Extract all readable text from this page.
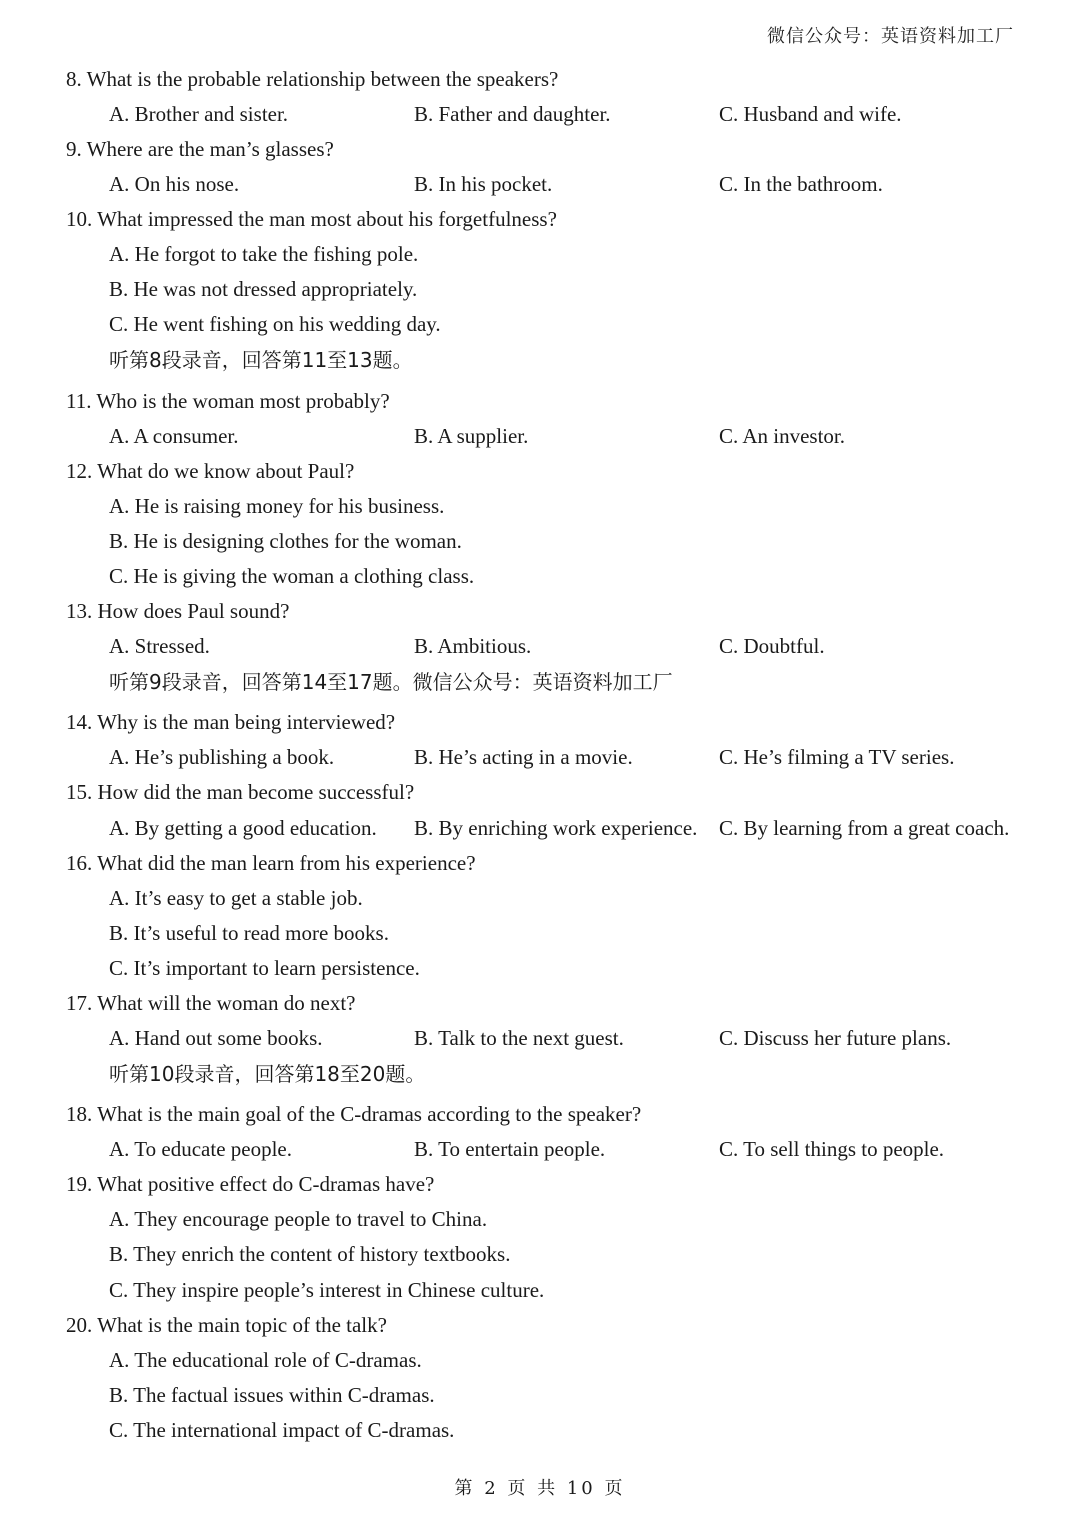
微信公众号：英语资料加工厂
8. What is the probable relationship between the speakers?
A. Brother and sister.	B. Father and daughter.	C. Husband and wife.
9. Where are the man’s glasses?
A. On his nose.	B. In his pocket.	C. In the bathroom.
10. What impressed the man most about his forgetfulness?
A. He forgot to take the fishing pole.
B. He was not dressed appropriately.
C. He went fishing on his wedding day.
听第8段录音，回答第11至13题。
11. Who is the woman most probably?
A. A consumer.	B. A supplier.	C. An investor.
12. What do we know about Paul?
A. He is raising money for his business.
B. He is designing clothes for the woman.
C. He is giving the woman a clothing class.
13. How does Paul sound?
A. Stressed.	B. Ambitious.	C. Doubtful.
听第9段录音，回答第14至17题。微信公众号：英语资料加工厂
14. Why is the man being interviewed?
A. He’s publishing a book.	B. He’s acting in a movie.	C. He’s filming a TV series.
15. How did the man become successful?
A. By getting a good education. B. By enriching work experience. C. By learning from a great coach.
16. What did the man learn from his experience?
A. It’s easy to get a stable job.
B. It’s useful to read more books.
C. It’s important to learn persistence.
17. What will the woman do next?
A. Hand out some books.	B. Talk to the next guest.	C. Discuss her future plans.
听第10段录音，回答第18至20题。
18. What is the main goal of the C-dramas according to the speaker?
A. To educate people.	B. To entertain people.	C. To sell things to people.
19. What positive effect do C-dramas have?
A. They encourage people to travel to China.
B. They enrich the content of history textbooks.
C. They inspire people’s interest in Chinese culture.
20. What is the main topic of the talk?
A. The educational role of C-dramas.
B. The factual issues within C-dramas.
C. The international impact of C-dramas.
第 2 页 共 10 页
